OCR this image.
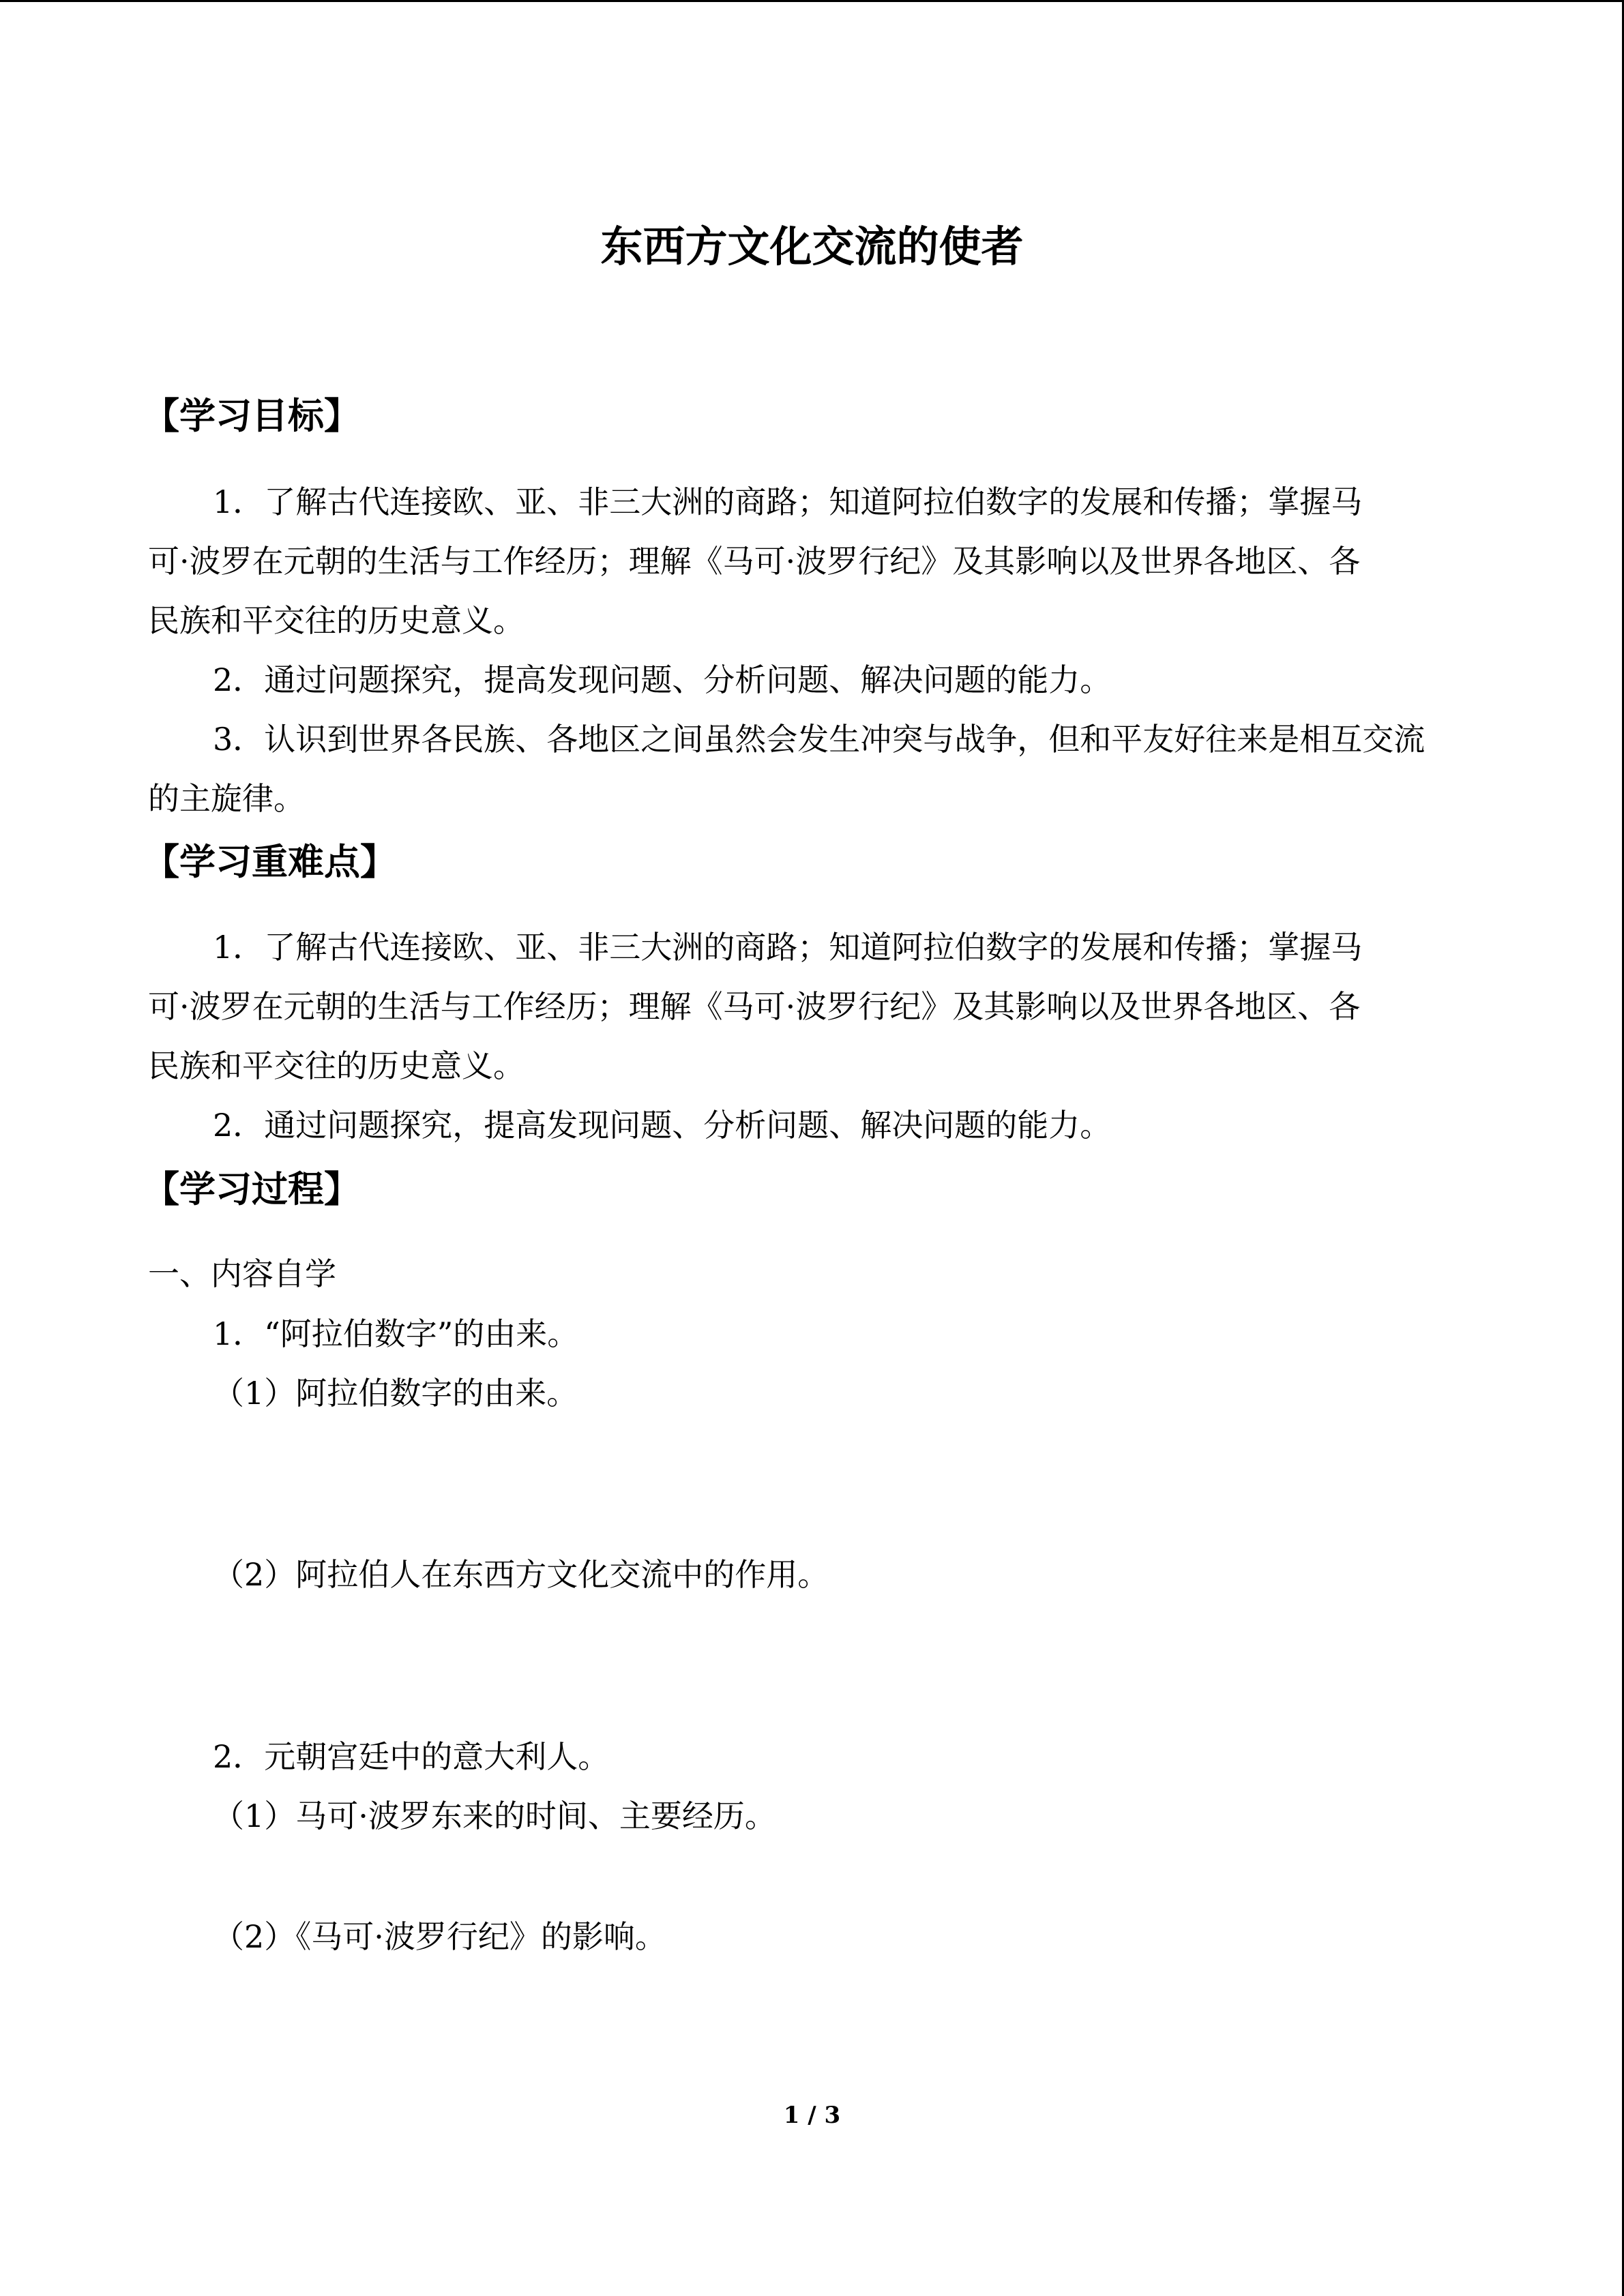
东西方文化交流的使者
【学习目标】
1．了解古代连接欧、亚、非三大洲的商路；知道阿拉伯数字的发展和传播；掌握马
可·波罗在元朝的生活与工作经历；理解《马可·波罗行纪》及其影响以及世界各地区、各
民族和平交往的历史意义。
2．通过问题探究，提高发现问题、分析问题、解决问题的能力。
3．认识到世界各民族、各地区之间虽然会发生冲突与战争，但和平友好往来是相互交流
的主旋律。
【学习重难点】
1．了解古代连接欧、亚、非三大洲的商路；知道阿拉伯数字的发展和传播；掌握马
可·波罗在元朝的生活与工作经历；理解《马可·波罗行纪》及其影响以及世界各地区、各
民族和平交往的历史意义。
2．通过问题探究，提高发现问题、分析问题、解决问题的能力。
【学习过程】
一、内容自学
1．“阿拉伯数字”的由来。
（1）阿拉伯数字的由来。
（2）阿拉伯人在东西方文化交流中的作用。
2．元朝宫廷中的意大利人。
（1）马可·波罗东来的时间、主要经历。
（2）《马可·波罗行纪》的影响。
1 / 3
